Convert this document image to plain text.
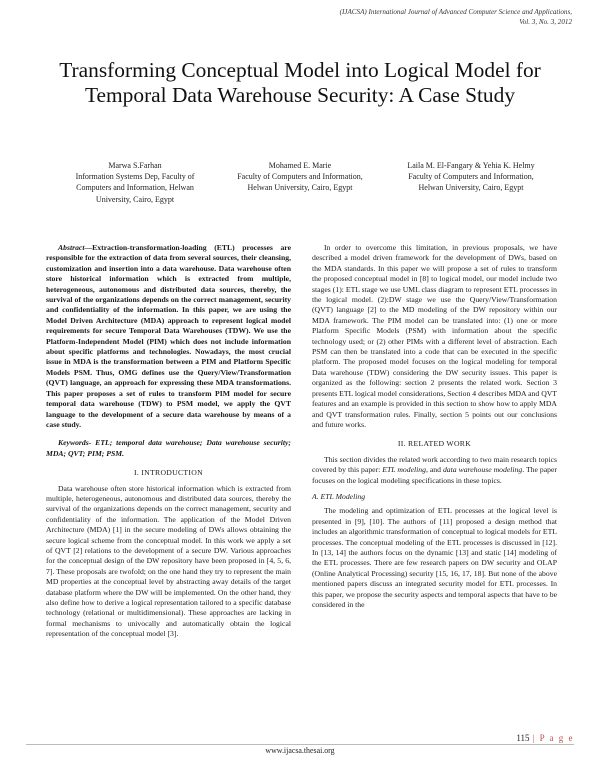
(IJACSA) International Journal of Advanced Computer Science and Applications,
Vol. 3, No. 3, 2012
Transforming Conceptual Model into Logical Model for Temporal Data Warehouse Security: A Case Study
Marwa S.Farhan
Information Systems Dep, Faculty of Computers and Information, Helwan University, Cairo, Egypt
Mohamed E. Marie
Faculty of Computers and Information, Helwan University, Cairo, Egypt
Laila M. El-Fangary & Yehia K. Helmy
Faculty of Computers and Information, Helwan University, Cairo, Egypt

Abstract—Extraction-transformation-loading (ETL) processes are responsible for the extraction of data from several sources, their cleansing, customization and insertion into a data warehouse. Data warehouse often store historical information which is extracted from multiple, heterogeneous, autonomous and distributed data sources, thereby, the survival of the organizations depends on the correct management, security and confidentiality of the information. In this paper, we are using the Model Driven Architecture (MDA) approach to represent logical model requirements for secure Temporal Data Warehouses (TDW). We use the Platform-Independent Model (PIM) which does not include information about specific platforms and technologies. Nowadays, the most crucial issue in MDA is the transformation between a PIM and Platform Specific Models PSM. Thus, OMG defines use the Query/View/Transformation (QVT) language, an approach for expressing these MDA transformations. This paper proposes a set of rules to transform PIM model for secure temporal data warehouse (TDW) to PSM model, we apply the QVT language to the development of a secure data warehouse by means of a case study.

Keywords- ETL; temporal data warehouse; Data warehouse security; MDA; QVT; PIM; PSM.

I. INTRODUCTION

Data warehouse often store historical information which is extracted from multiple, heterogeneous, autonomous and distributed data sources, thereby the survival of the organizations depends on the correct management, security and confidentiality of the information. The application of the Model Driven Architecture (MDA) [1] in the secure modeling of DWs allows obtaining the secure logical scheme from the conceptual model. In this work we apply a set of QVT [2] relations to the development of a secure DW. Various approaches for the conceptual design of the DW repository have been proposed in [4, 5, 6, 7]. These proposals are twofold; on the one hand they try to represent the main MD properties at the conceptual level by abstracting away details of the target database platform where the DW will be implemented. On the other hand, they also define how to derive a logical representation tailored to a specific database technology (relational or multidimensional). These approaches are lacking in formal mechanisms to univocally and automatically obtain the logical representation of the conceptual model [3].

In order to overcome this limitation, in previous proposals, we have described a model driven framework for the development of DWs, based on the MDA standards. In this paper we will propose a set of rules to transform the proposed conceptual model in [8] to logical model, our model include two stages (1): ETL stage we use UML class diagram to represent ETL processes in the logical model. (2):DW stage we use the Query/View/Transformation (QVT) language [2] to the MD modeling of the DW repository within our MDA framework. The PIM model can be translated into: (1) one or more Platform Specific Models (PSM) with information about the specific technology used; or (2) other PIMs with a different level of abstraction. Each PSM can then be translated into a code that can be executed in the specific platform. The proposed model focuses on the logical modeling for temporal Data warehouse (TDW) considering the DW security issues. This paper is organized as the following: section 2 presents the related work. Section 3 presents ETL logical model considerations, Section 4 describes MDA and QVT features and an example is provided in this section to show how to apply MDA and QVT transformation rules. Finally, section 5 points out our conclusions and future works.

II. RELATED WORK

This section divides the related work according to two main research topics covered by this paper: ETL modeling, and data warehouse modeling. The paper focuses on the logical modeling specifications in these topics.

A. ETL Modeling

The modeling and optimization of ETL processes at the logical level is presented in [9], [10]. The authors of [11] proposed a design method that includes an algorithmic transformation of conceptual to logical models for ETL processes. The conceptual modeling of the ETL processes is discussed in [12]. In [13, 14] the authors focus on the dynamic [13] and static [14] modeling of the ETL processes. There are few research papers on DW security and OLAP (Online Analytical Processing) security [15, 16, 17, 18]. But none of the above mentioned papers discuss an integrated security model for ETL processes. In this paper, we propose the security aspects and temporal aspects that have to be considered in the

115 | P a g e
www.ijacsa.thesai.org
